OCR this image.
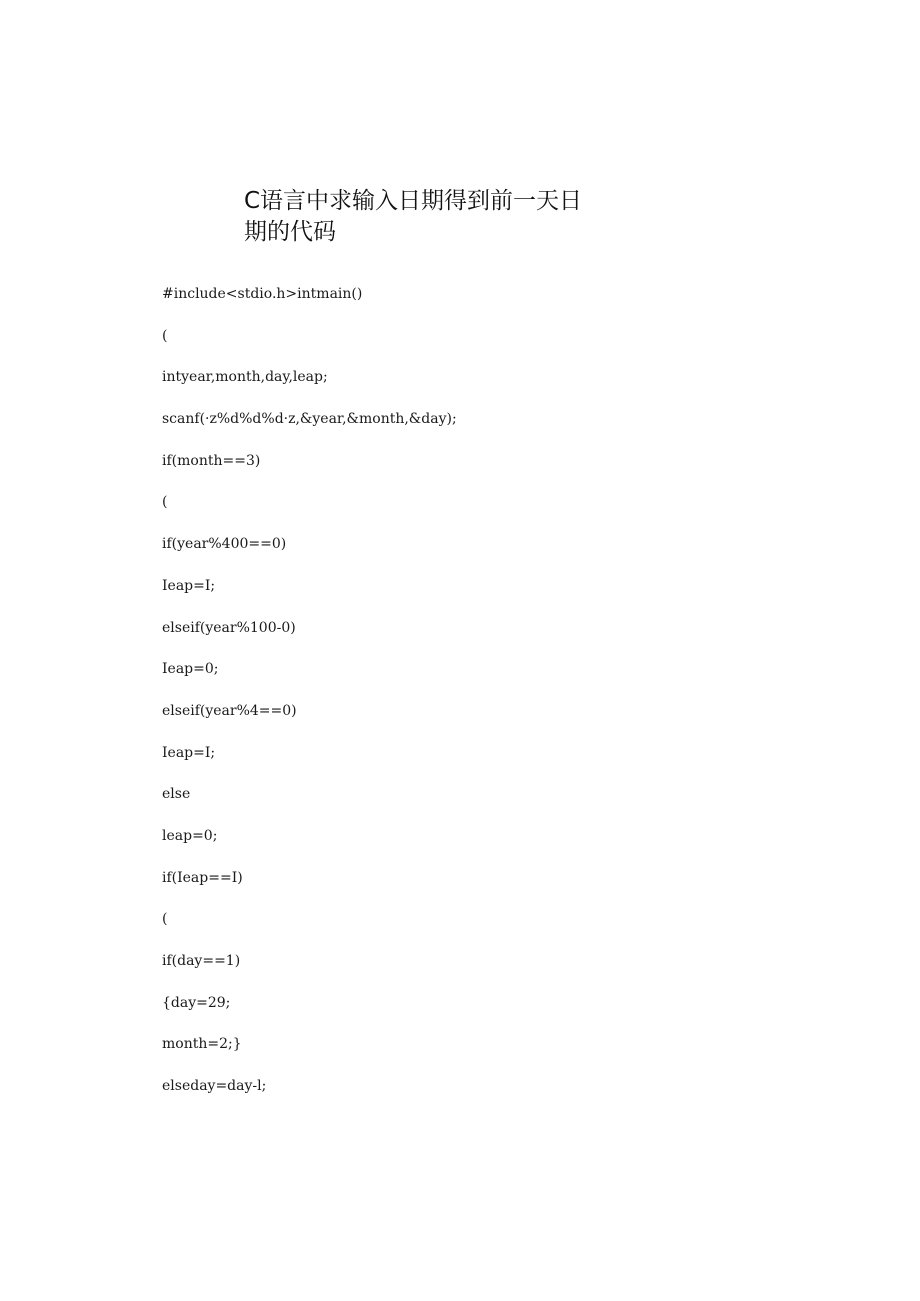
C语言中求输入日期得到前一天日期的代码
#include<stdio.h>intmain()
(
intyear,month,day,leap;
scanf(·z%d%d%d·z,&year,&month,&day);
if(month==3)
(
if(year%400==0)
Ieap=I;
elseif(year%100-0)
Ieap=0;
elseif(year%4==0)
Ieap=I;
else
leap=0;
if(Ieap==I)
(
if(day==1)
{day=29;
month=2;}
elseday=day-l;
